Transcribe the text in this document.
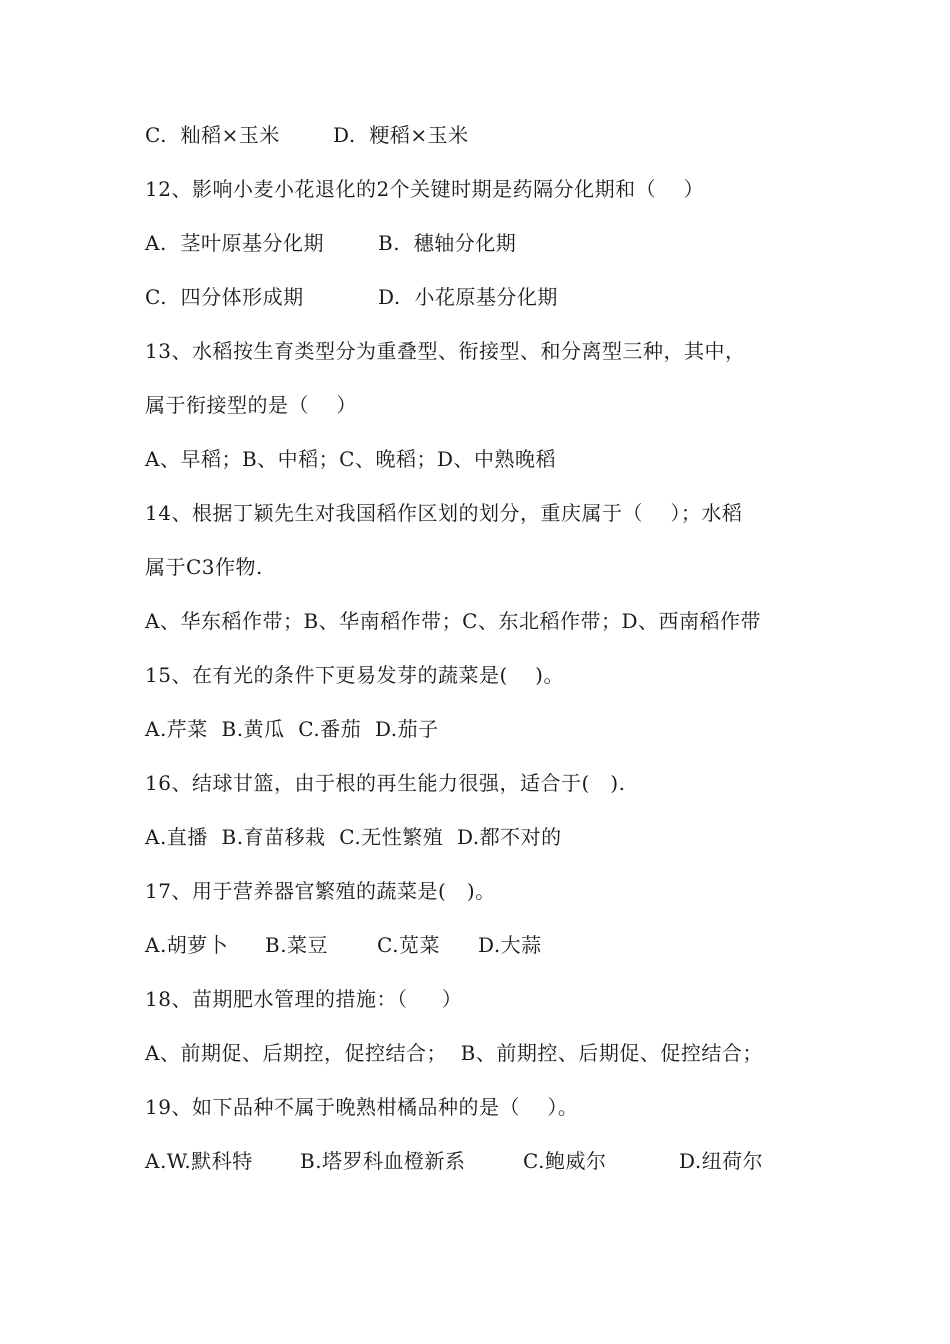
C.  籼稻×玉米

	D.  粳稻×玉米

12、影响小麦小花退化的2个关键时期是药隔分化期和（    ）

A.  茎叶原基分化期

	B.  穗轴分化期

C.  四分体形成期

	D.  小花原基分化期

13、水稻按生育类型分为重叠型、衔接型、和分离型三种，其中，
属于衔接型的是（    ）
A、早稻；B、中稻；C、晚稻；D、中熟晚稻
14、根据丁颖先生对我国稻作区划的划分，重庆属于（    ）；水稻
属于C3作物.
A、华东稻作带；B、华南稻作带；C、东北稻作带；D、西南稻作带
15、在有光的条件下更易发芽的蔬菜是(    )。
A.芹菜  B.黄瓜  C.番茄  D.茄子
16、结球甘篮，由于根的再生能力很强，适合于(   ).
A.直播  B.育苗移栽  C.无性繁殖  D.都不对的
17、用于营养器官繁殖的蔬菜是(   )。

A.胡萝卜

B.菜豆

C.苋菜

D.大蒜

18、苗期肥水管理的措施：（     ）
A、前期促、后期控，促控结合；  B、前期控、后期促、促控结合；
19、如下品种不属于晚熟柑橘品种的是（    ）。

A.W.默科特

B.塔罗科血橙新系

	C.鲍威尔

	D.纽荷尔
